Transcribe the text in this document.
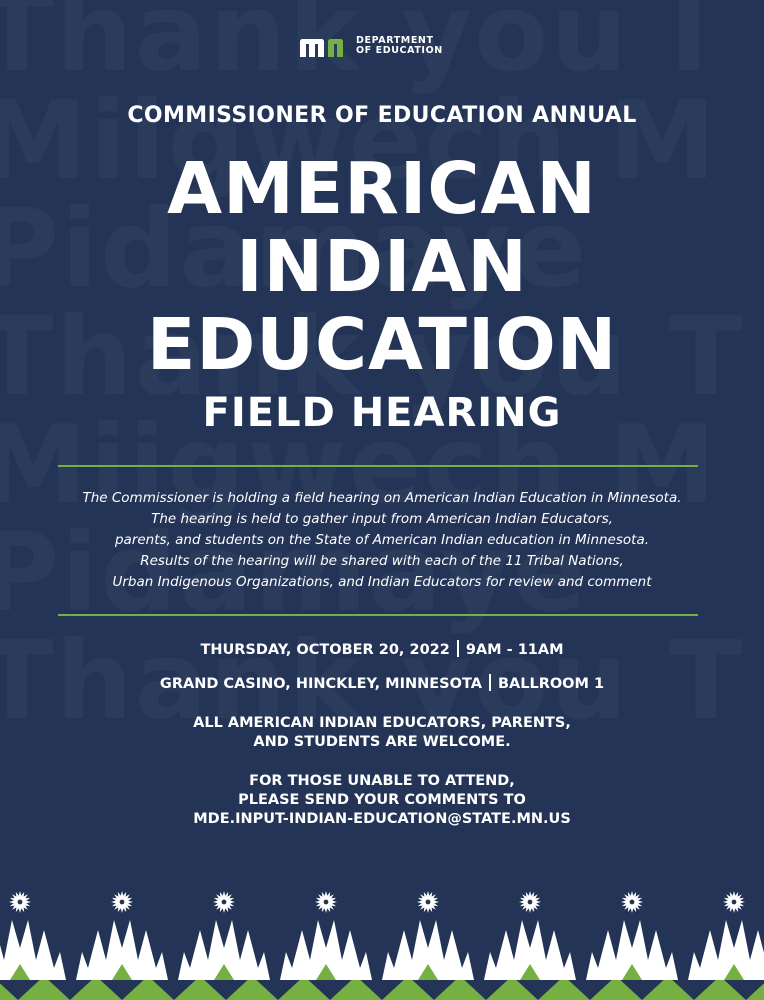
DEPARTMENT
OF EDUCATION
COMMISSIONER OF EDUCATION ANNUAL
AMERICAN
INDIAN
EDUCATION
FIELD HEARING
The Commissioner is holding a field hearing on American Indian Education in Minnesota.
The hearing is held to gather input from American Indian Educators,
parents, and students on the State of American Indian education in Minnesota.
Results of the hearing will be shared with each of the 11 Tribal Nations,
Urban Indigenous Organizations, and Indian Educators for review and comment
THURSDAY, OCTOBER 20, 2022 9AM - 11AM
GRAND CASINO, HINCKLEY, MINNESOTA BALLROOM 1
ALL AMERICAN INDIAN EDUCATORS, PARENTS,
AND STUDENTS ARE WELCOME.
FOR THOSE UNABLE TO ATTEND,
PLEASE SEND YOUR COMMENTS TO
MDE.INPUT-INDIAN-EDUCATION@STATE.MN.US
